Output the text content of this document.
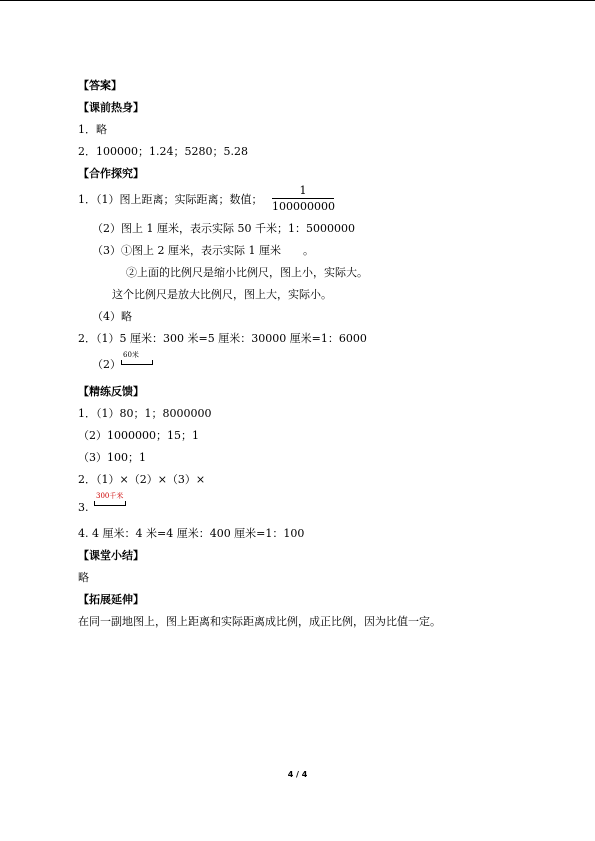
【答案】
【课前热身】
1．略
2．100000；1.24；5280；5.28
【合作探究】
1．（1）图上距离；实际距离；数值；
1
100000000
（2）图上 1 厘米，表示实际 50 千米；1：5000000
（3）①图上 2 厘米，表示实际 1 厘米　　。
②上面的比例尺是缩小比例尺，图上小，实际大。
这个比例尺是放大比例尺，图上大，实际小。
（4）略
2．（1）5 厘米：300 米=5 厘米：30000 厘米=1：6000
（2）
60米
【精练反馈】
1．（1）80；1；8000000
（2）1000000；15；1
（3）100；1
2．（1）×（2）×（3）×
3.
300千米
4. 4 厘米：4 米=4 厘米：400 厘米=1：100
【课堂小结】
略
【拓展延伸】
在同一副地图上，图上距离和实际距离成比例，成正比例，因为比值一定。
4 / 4
